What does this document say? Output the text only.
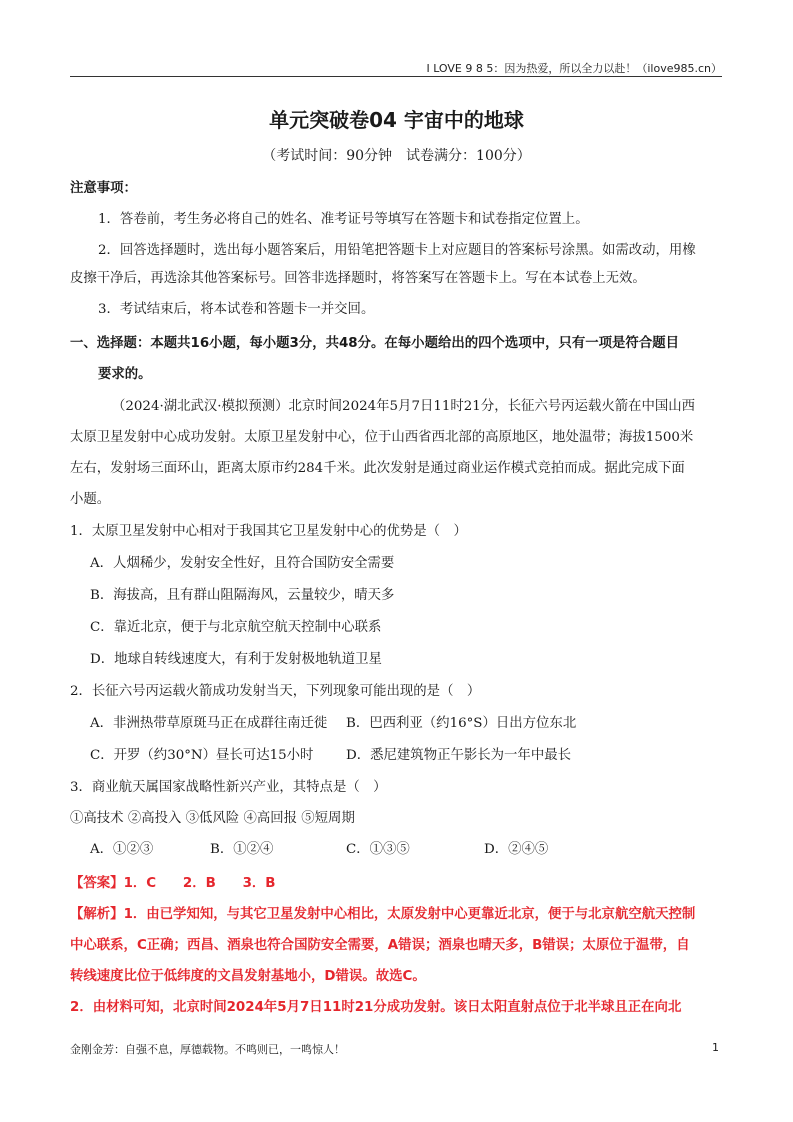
I LOVE 9 8 5：因为热爱，所以全力以赴！（ilove985.cn）
单元突破卷04 宇宙中的地球
（考试时间：90分钟　试卷满分：100分）
注意事项：
1．答卷前，考生务必将自己的姓名、准考证号等填写在答题卡和试卷指定位置上。
2．回答选择题时，选出每小题答案后，用铅笔把答题卡上对应题目的答案标号涂黑。如需改动，用橡
皮擦干净后，再选涂其他答案标号。回答非选择题时，将答案写在答题卡上。写在本试卷上无效。
3．考试结束后，将本试卷和答题卡一并交回。
一、选择题：本题共16小题，每小题3分，共48分。在每小题给出的四个选项中，只有一项是符合题目
要求的。
（2024·湖北武汉·模拟预测）北京时间2024年5月7日11时21分，长征六号丙运载火箭在中国山西
太原卫星发射中心成功发射。太原卫星发射中心，位于山西省西北部的高原地区，地处温带；海拔1500米
左右，发射场三面环山，距离太原市约284千米。此次发射是通过商业运作模式竞拍而成。据此完成下面
小题。
1．太原卫星发射中心相对于我国其它卫星发射中心的优势是（　）
A．人烟稀少，发射安全性好，且符合国防安全需要
B．海拔高，且有群山阻隔海风，云量较少，晴天多
C．靠近北京，便于与北京航空航天控制中心联系
D．地球自转线速度大，有利于发射极地轨道卫星
2．长征六号丙运载火箭成功发射当天，下列现象可能出现的是（　）
A．非洲热带草原斑马正在成群往南迁徙 B．巴西利亚（约16°S）日出方位东北
C．开罗（约30°N）昼长可达15小时 D．悉尼建筑物正午影长为一年中最长
3．商业航天属国家战略性新兴产业，其特点是（　）
①高技术 ②高投入 ③低风险 ④高回报 ⑤短周期
A．①②③	B．①②④	C．①③⑤	D．②④⑤
【答案】1．C　　2．B　　3．B
【解析】1．由已学知知，与其它卫星发射中心相比，太原发射中心更靠近北京，便于与北京航空航天控制
中心联系，C正确；西昌、酒泉也符合国防安全需要，A错误；酒泉也晴天多，B错误；太原位于温带，自
转线速度比位于低纬度的文昌发射基地小，D错误。故选C。
2．由材料可知，北京时间2024年5月7日11时21分成功发射。该日太阳直射点位于北半球且正在向北
金刚金芳：自强不息，厚德载物。不鸣则已，一鸣惊人！	1
